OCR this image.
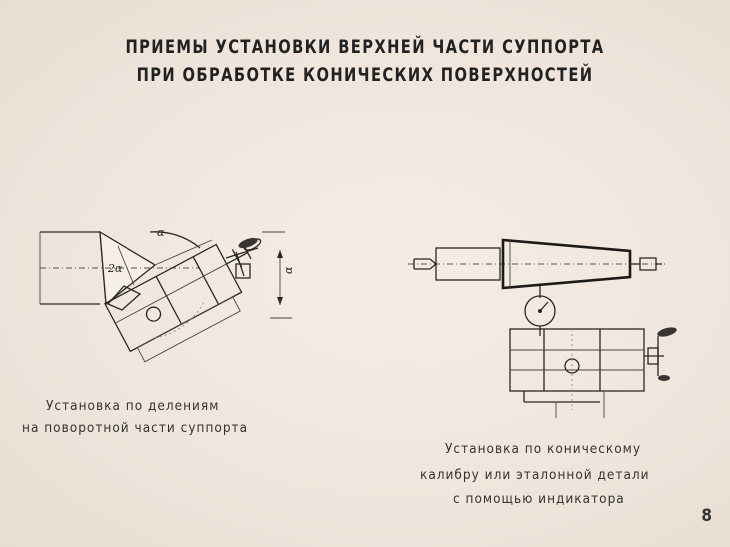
ПРИЕМЫ УСТАНОВКИ ВЕРХНЕЙ ЧАСТИ СУППОРТА
ПРИ ОБРАБОТКЕ КОНИЧЕСКИХ ПОВЕРХНОСТЕЙ
2α
α
α
Установка по делениям
на поворотной части суппорта
Установка по коническому
калибру или эталонной детали
с помощью индикатора
8
